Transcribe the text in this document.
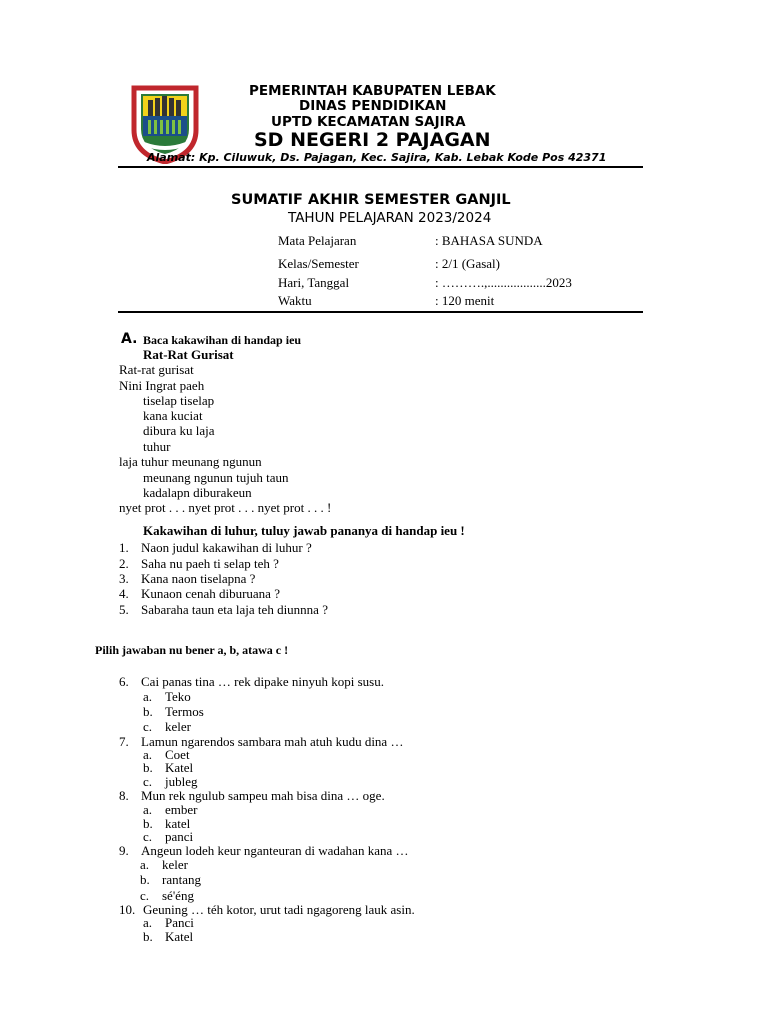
PEMERINTAH KABUPATEN LEBAK
DINAS PENDIDIKAN
UPTD KECAMATAN SAJIRA
SD NEGERI 2 PAJAGAN
Alamat: Kp. Ciluwuk, Ds. Pajagan, Kec. Sajira, Kab. Lebak Kode Pos 42371
SUMATIF AKHIR SEMESTER GANJIL
TAHUN PELAJARAN 2023/2024
Mata Pelajaran	: BAHASA SUNDA
Kelas/Semester	: 2/1 (Gasal)
Hari, Tanggal	: ……….,..................2023
Waktu	: 120 menit
A. Baca kakawihan di handap ieu
Rat-Rat Gurisat
Rat-rat gurisat
Nini Ingrat paeh
tiselap tiselap
kana kuciat
dibura ku laja
tuhur
laja tuhur meunang ngunun
meunang ngunun tujuh taun
kadalapn diburakeun
nyet prot . . . nyet prot . . . nyet prot . . . !
Kakawihan di luhur, tuluy jawab pananya di handap ieu !
1. Naon judul kakawihan di luhur ?
2. Saha nu paeh ti selap teh ?
3. Kana naon tiselapna ?
4. Kunaon cenah diburuana ?
5. Sabaraha taun eta laja teh diunnna ?
Pilih jawaban nu bener a, b, atawa c !
6. Cai panas tina … rek dipake ninyuh kopi susu.
a. Teko
b. Termos
c. keler
7. Lamun ngarendos sambara mah atuh kudu dina …
a. Coet
b. Katel
c. jubleg
8. Mun rek ngulub sampeu mah bisa dina … oge.
a. ember
b. katel
c. panci
9. Angeun lodeh keur nganteuran di wadahan kana …
a. keler
b. rantang
c. sé'éng
10. Geuning … téh kotor, urut tadi ngagoreng lauk asin.
a. Panci
b. Katel
